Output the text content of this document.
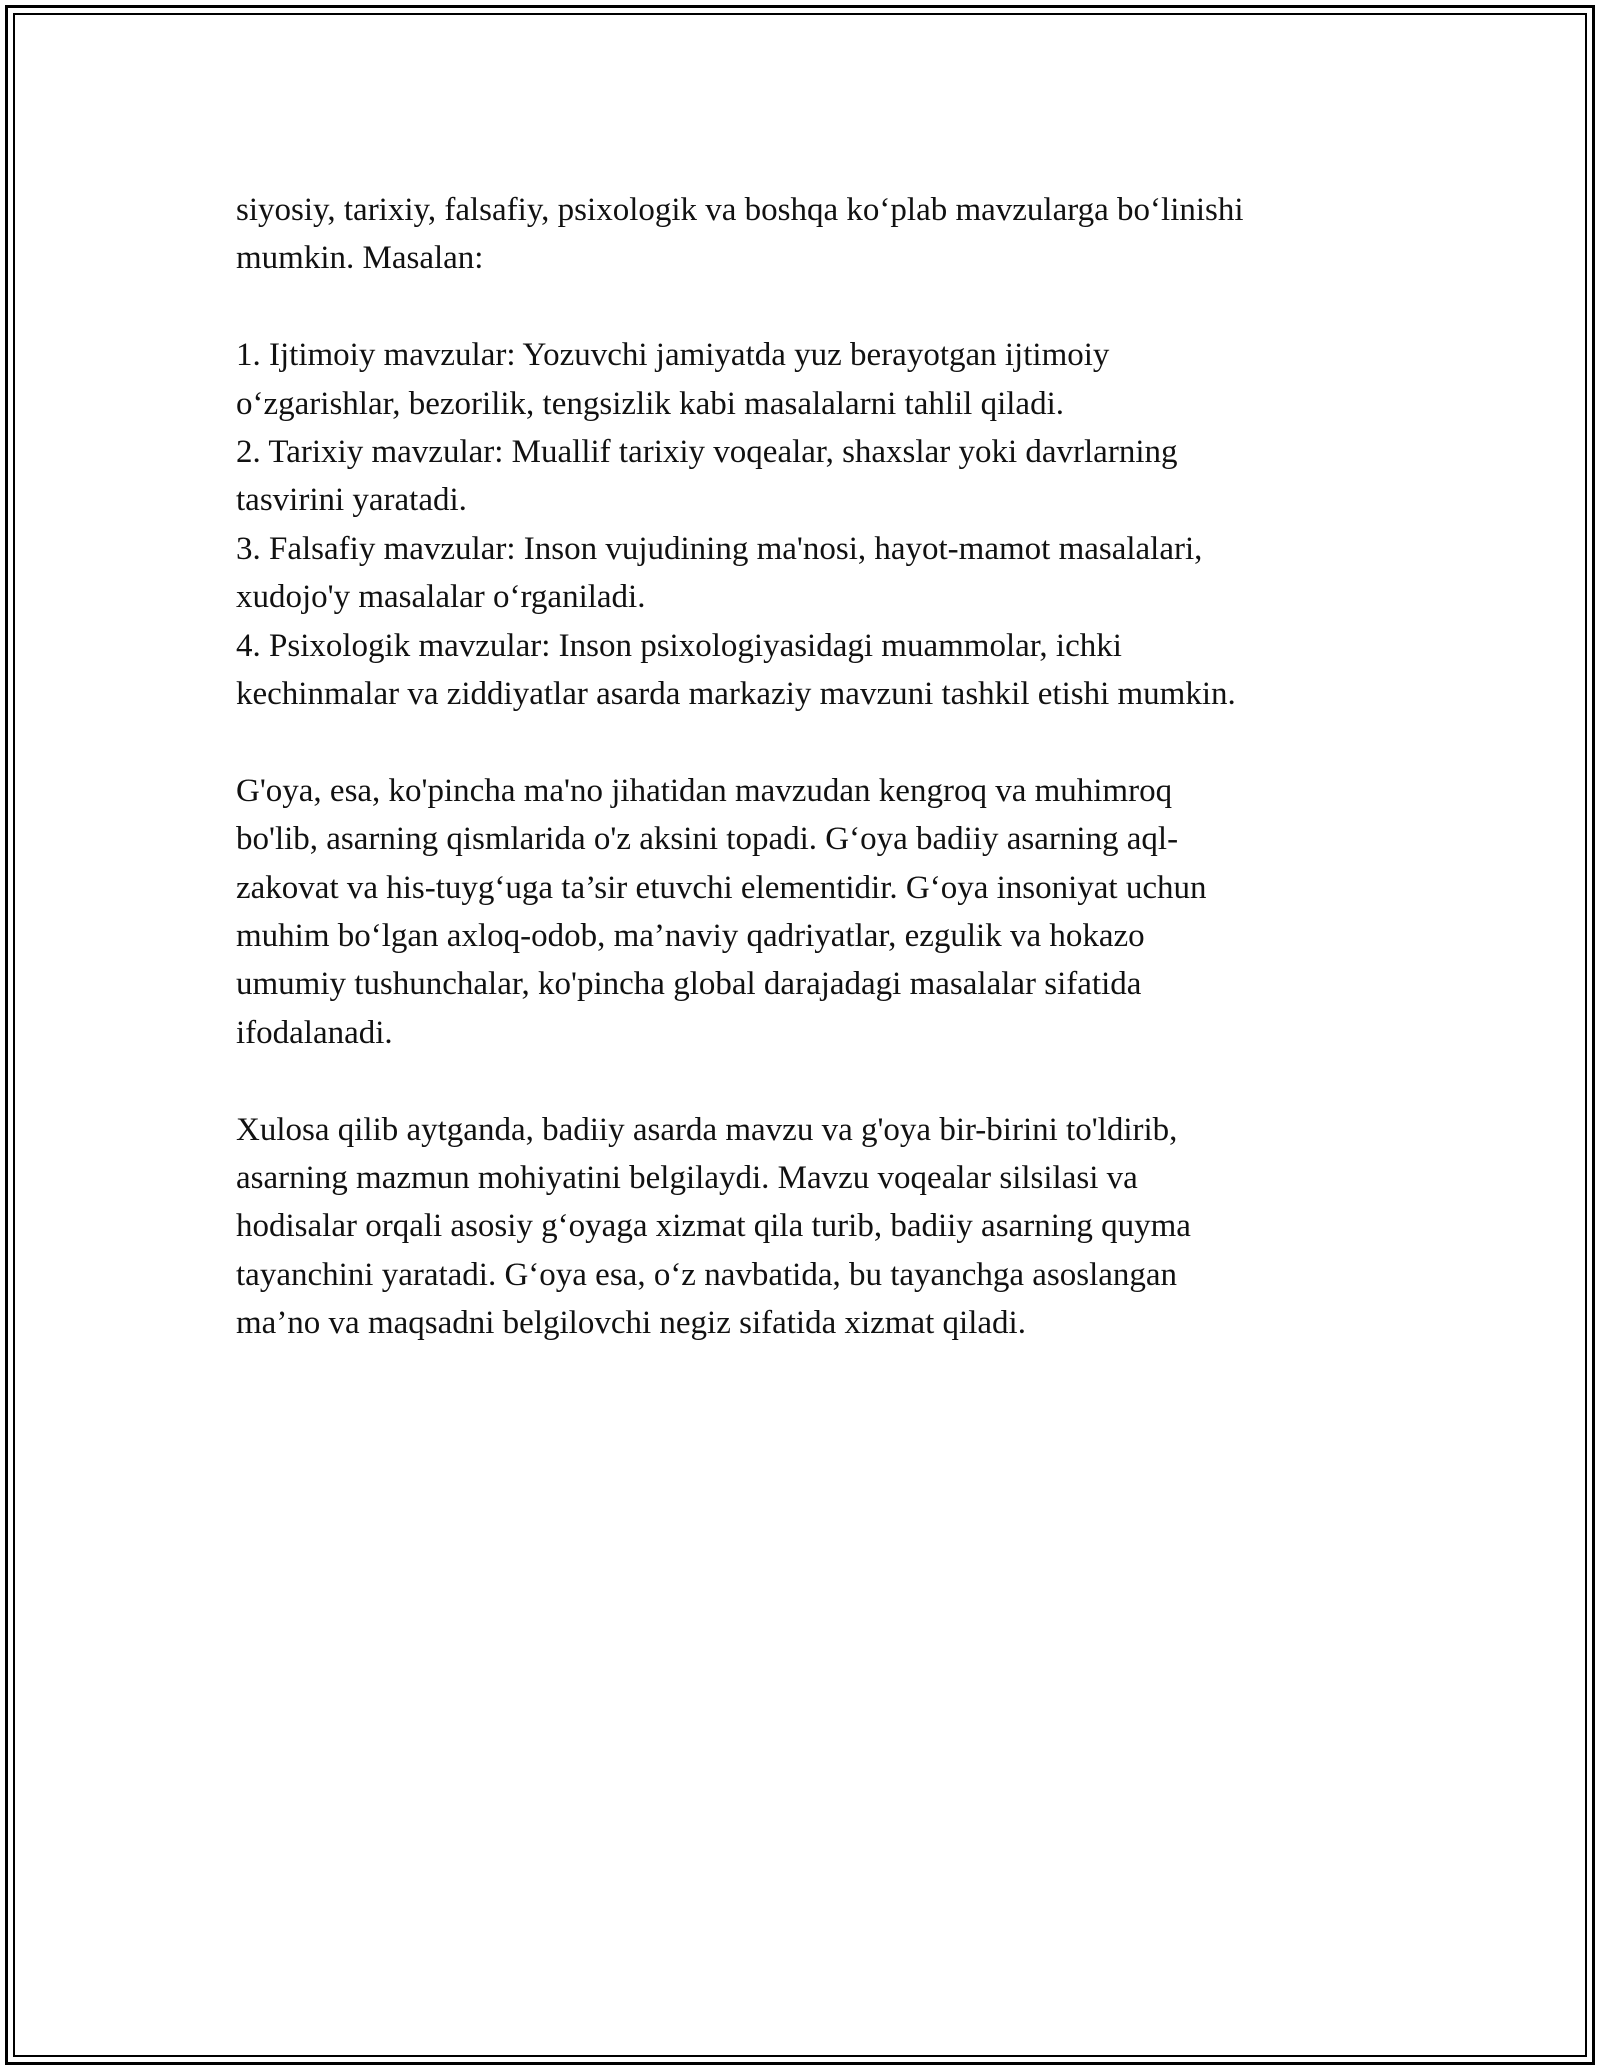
siyosiy, tarixiy, falsafiy, psixologik va boshqa ko‘plab mavzularga bo‘linishi

mumkin. Masalan:

1. Ijtimoiy mavzular: Yozuvchi jamiyatda yuz berayotgan ijtimoiy

o‘zgarishlar, bezorilik, tengsizlik kabi masalalarni tahlil qiladi.

2. Tarixiy mavzular: Muallif tarixiy voqealar, shaxslar yoki davrlarning

tasvirini yaratadi.

3. Falsafiy mavzular: Inson vujudining ma'nosi, hayot-mamot masalalari,

xudojo'y masalalar o‘rganiladi.

4. Psixologik mavzular: Inson psixologiyasidagi muammolar, ichki

kechinmalar va ziddiyatlar asarda markaziy mavzuni tashkil etishi mumkin.

G'oya, esa, ko'pincha ma'no jihatidan mavzudan kengroq va muhimroq

bo'lib, asarning qismlarida o'z aksini topadi. G‘oya badiiy asarning aql-

zakovat va his-tuyg‘uga ta’sir etuvchi elementidir. G‘oya insoniyat uchun

muhim bo‘lgan axloq-odob, ma’naviy qadriyatlar, ezgulik va hokazo

umumiy tushunchalar, ko'pincha global darajadagi masalalar sifatida

ifodalanadi.

Xulosa qilib aytganda, badiiy asarda mavzu va g'oya bir-birini to'ldirib,

asarning mazmun mohiyatini belgilaydi. Mavzu voqealar silsilasi va

hodisalar orqali asosiy g‘oyaga xizmat qila turib, badiiy asarning quyma

tayanchini yaratadi. G‘oya esa, o‘z navbatida, bu tayanchga asoslangan

ma’no va maqsadni belgilovchi negiz sifatida xizmat qiladi.
